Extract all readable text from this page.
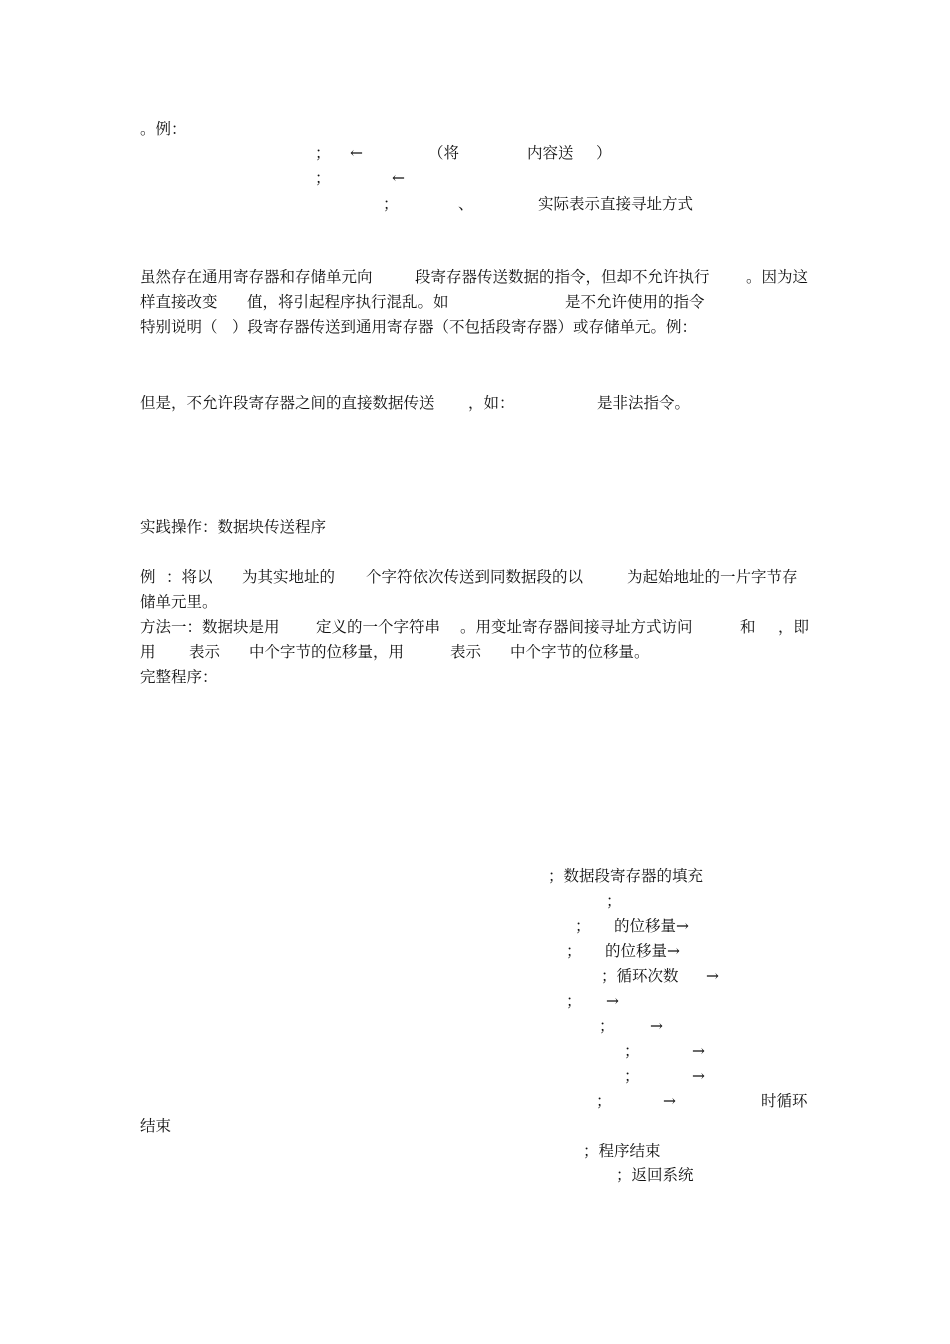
。例：
； ←	（将	内容送 ）
；	←
；	、	实际表示直接寻址方式
虽然存在通用寄存器和存储单元向	段寄存器传送数据的指令，但却不允许执行 。因为这
样直接改变 值，将引起程序执行混乱。如	是不允许使用的指令
特别说明（ ）段寄存器传送到通用寄存器（不包括段寄存器）或存储单元。例：
但是，不允许段寄存器之间的直接数据传送 ，如：	是非法指令。
实践操作：数据块传送程序
例 ：将以 为其实地址的 个字符依次传送到同数据段的以	为起始地址的一片字节存
储单元里。
方法一：数据块是用 定义的一个字符串 。用变址寄存器间接寻址方式访问	和 ，即
用 表示 中个字节的位移量，用	表示 中个字节的位移量。
完整程序：
；数据段寄存器的填充
；
； 的位移量→
； 的位移量→
；循环次数 →
； →
； →
；	→
；	→
；	→	时循环
结束
；程序结束
；返回系统
